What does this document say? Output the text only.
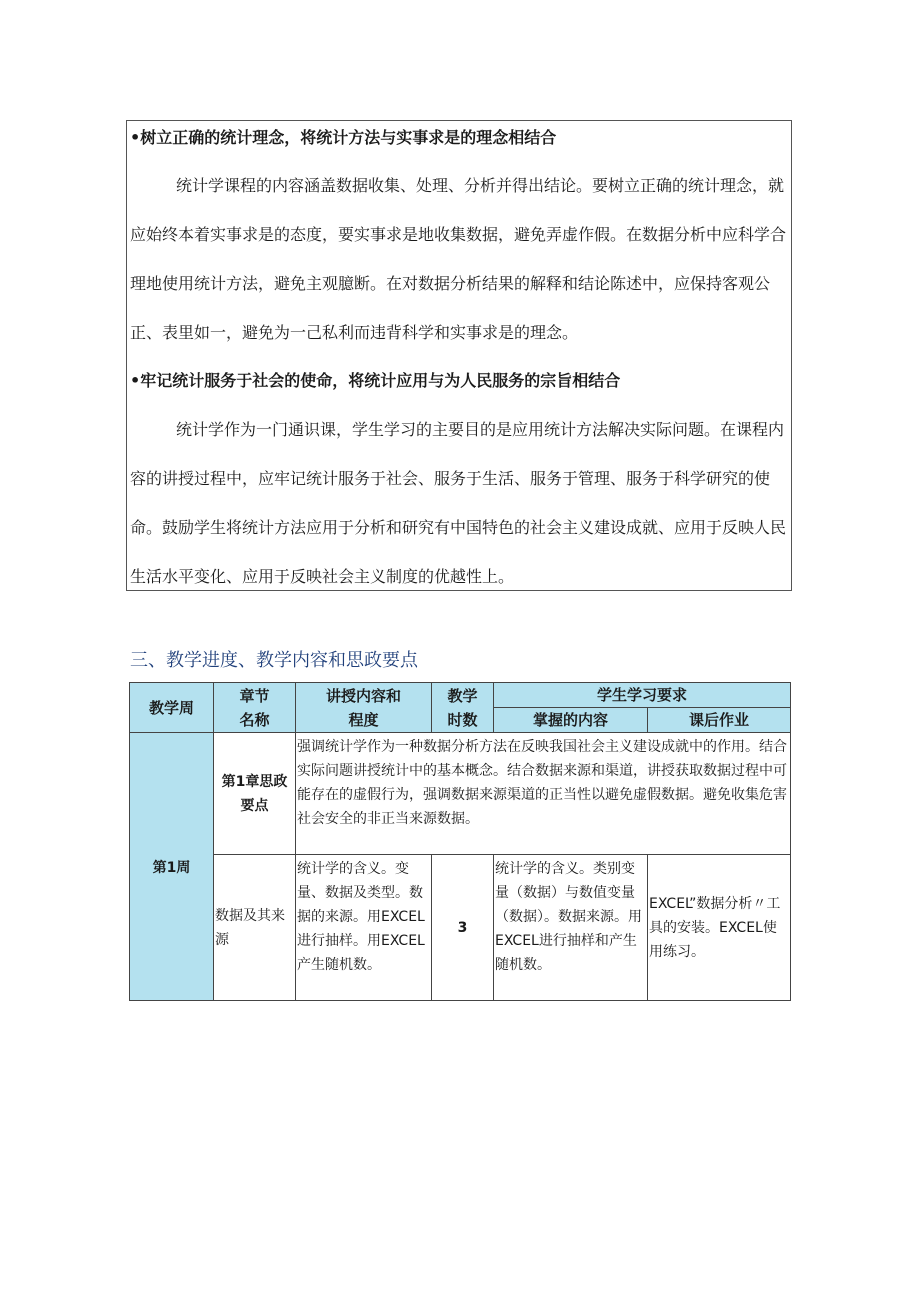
•树立正确的统计理念，将统计方法与实事求是的理念相结合
统计学课程的内容涵盖数据收集、处理、分析并得出结论。要树立正确的统计理念，就应始终本着实事求是的态度，要实事求是地收集数据，避免弄虚作假。在数据分析中应科学合理地使用统计方法，避免主观臆断。在对数据分析结果的解释和结论陈述中，应保持客观公正、表里如一，避免为一己私利而违背科学和实事求是的理念。
•牢记统计服务于社会的使命，将统计应用与为人民服务的宗旨相结合
统计学作为一门通识课，学生学习的主要目的是应用统计方法解决实际问题。在课程内容的讲授过程中，应牢记统计服务于社会、服务于生活、服务于管理、服务于科学研究的使命。鼓励学生将统计方法应用于分析和研究有中国特色的社会主义建设成就、应用于反映人民生活水平变化、应用于反映社会主义制度的优越性上。
三、教学进度、教学内容和思政要点
教学周	章节名称	讲授内容和程度	教学时数	学生学习要求	
				掌握的内容	课后作业
第1周	第1章思政要点	强调统计学作为一种数据分析方法在反映我国社会主义建设成就中的作用。结合实际问题讲授统计中的基本概念。结合数据来源和渠道，讲授获取数据过程中可能存在的虚假行为，强调数据来源渠道的正当性以避免虚假数据。避免收集危害社会安全的非正当来源数据。			

	数据及其来源	统计学的含义。变量、数据及类型。数据的来源。用EXCEL进行抽样。用EXCEL产生随机数。	3	统计学的含义。类别变量（数据）与数值变量（数据）。数据来源。用EXCEL进行抽样和产生随机数。	EXCEL”数据分析〃工具的安装。EXCEL使用练习。
